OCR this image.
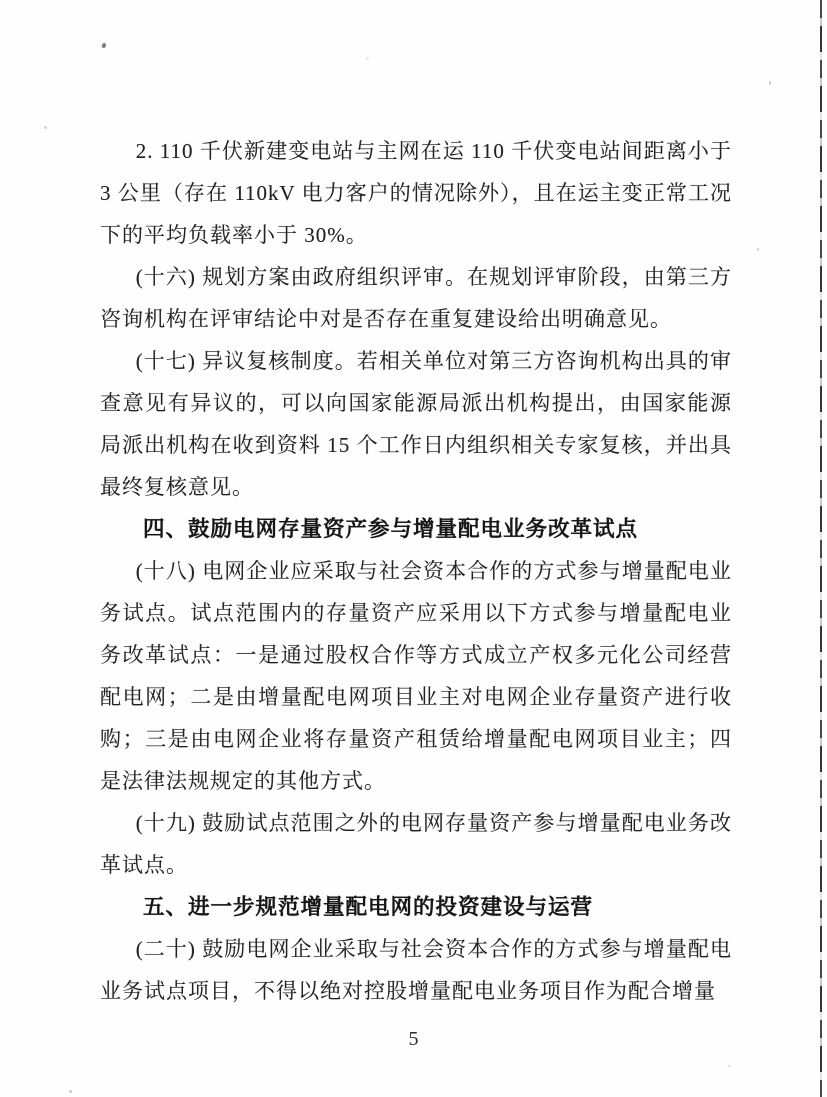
2. 110 千伏新建变电站与主网在运 110 千伏变电站间距离小于 3 公里（存在 110kV 电力客户的情况除外），且在运主变正常工况下的平均负载率小于 30%。

(十六) 规划方案由政府组织评审。在规划评审阶段，由第三方咨询机构在评审结论中对是否存在重复建设给出明确意见。

(十七) 异议复核制度。若相关单位对第三方咨询机构出具的审查意见有异议的，可以向国家能源局派出机构提出，由国家能源局派出机构在收到资料 15 个工作日内组织相关专家复核，并出具最终复核意见。

四、鼓励电网存量资产参与增量配电业务改革试点

(十八) 电网企业应采取与社会资本合作的方式参与增量配电业务试点。试点范围内的存量资产应采用以下方式参与增量配电业务改革试点：一是通过股权合作等方式成立产权多元化公司经营配电网；二是由增量配电网项目业主对电网企业存量资产进行收购；三是由电网企业将存量资产租赁给增量配电网项目业主；四是法律法规规定的其他方式。

(十九) 鼓励试点范围之外的电网存量资产参与增量配电业务改革试点。

五、进一步规范增量配电网的投资建设与运营

(二十) 鼓励电网企业采取与社会资本合作的方式参与增量配电业务试点项目，不得以绝对控股增量配电业务项目作为配合增量

5
